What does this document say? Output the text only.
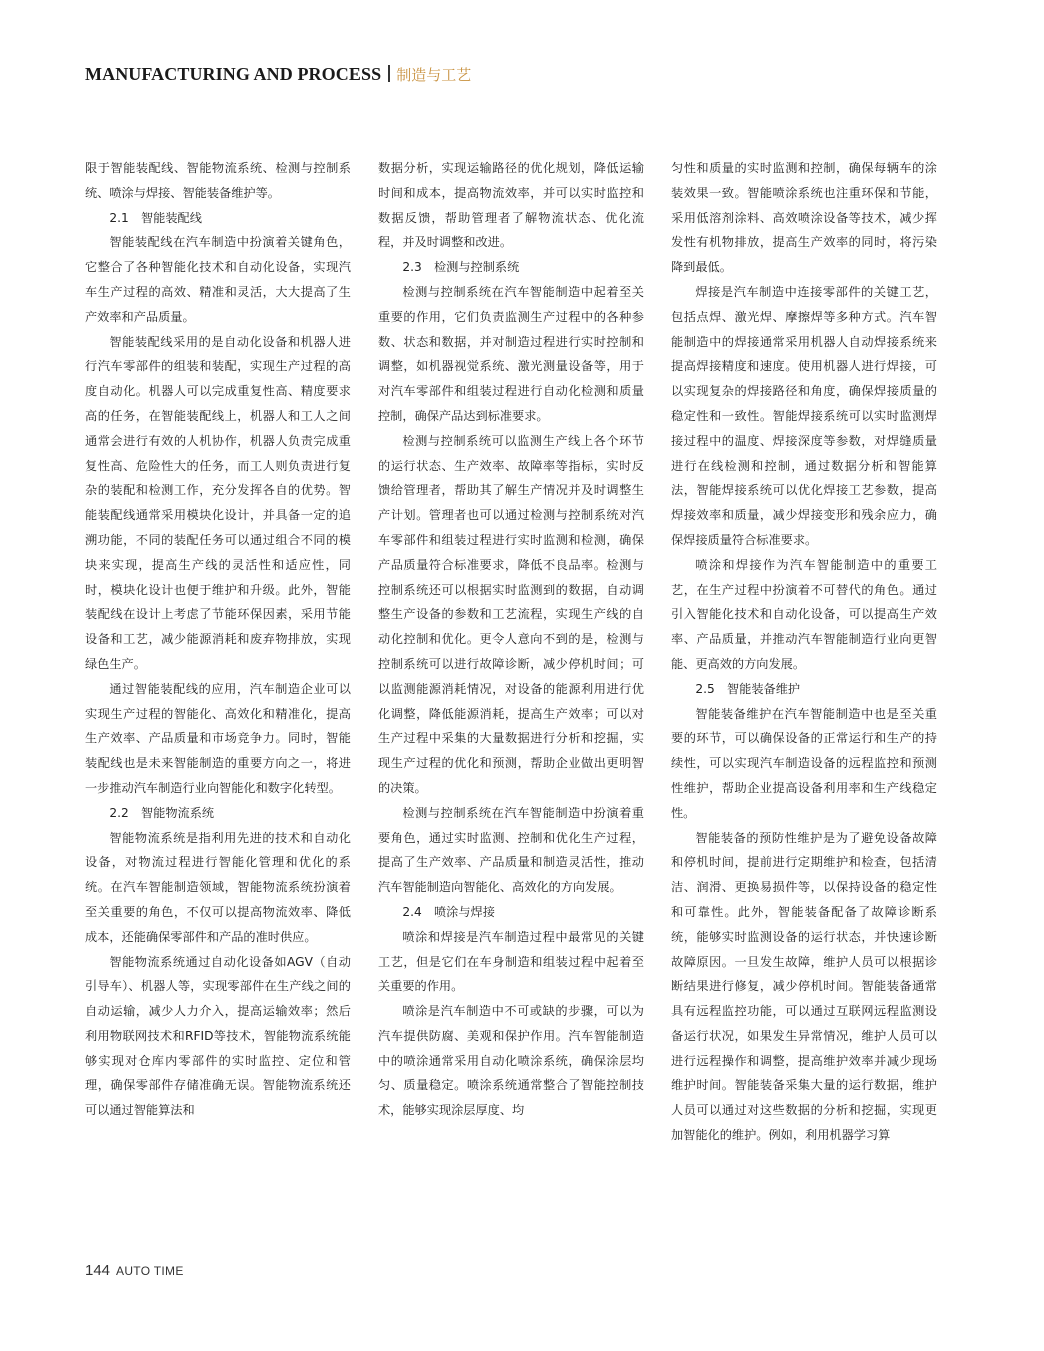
MANUFACTURING AND PROCESS 制造与工艺

限于智能装配线、智能物流系统、检测与控制系统、喷涂与焊接、智能装备维护等。

2.1　智能装配线

智能装配线在汽车制造中扮演着关键角色，它整合了各种智能化技术和自动化设备，实现汽车生产过程的高效、精准和灵活，大大提高了生产效率和产品质量。

智能装配线采用的是自动化设备和机器人进行汽车零部件的组装和装配，实现生产过程的高度自动化。机器人可以完成重复性高、精度要求高的任务，在智能装配线上，机器人和工人之间通常会进行有效的人机协作，机器人负责完成重复性高、危险性大的任务，而工人则负责进行复杂的装配和检测工作，充分发挥各自的优势。智能装配线通常采用模块化设计，并具备一定的追溯功能，不同的装配任务可以通过组合不同的模块来实现，提高生产线的灵活性和适应性，同时，模块化设计也便于维护和升级。此外，智能装配线在设计上考虑了节能环保因素，采用节能设备和工艺，减少能源消耗和废弃物排放，实现绿色生产。

通过智能装配线的应用，汽车制造企业可以实现生产过程的智能化、高效化和精准化，提高生产效率、产品质量和市场竞争力。同时，智能装配线也是未来智能制造的重要方向之一，将进一步推动汽车制造行业向智能化和数字化转型。

2.2　智能物流系统

智能物流系统是指利用先进的技术和自动化设备，对物流过程进行智能化管理和优化的系统。在汽车智能制造领域，智能物流系统扮演着至关重要的角色，不仅可以提高物流效率、降低成本，还能确保零部件和产品的准时供应。

智能物流系统通过自动化设备如AGV（自动引导车）、机器人等，实现零部件在生产线之间的自动运输，减少人力介入，提高运输效率；然后利用物联网技术和RFID等技术，智能物流系统能够实现对仓库内零部件的实时监控、定位和管理，确保零部件存储准确无误。智能物流系统还可以通过智能算法和

数据分析，实现运输路径的优化规划，降低运输时间和成本，提高物流效率，并可以实时监控和数据反馈，帮助管理者了解物流状态、优化流程，并及时调整和改进。

2.3　检测与控制系统

检测与控制系统在汽车智能制造中起着至关重要的作用，它们负责监测生产过程中的各种参数、状态和数据，并对制造过程进行实时控制和调整，如机器视觉系统、激光测量设备等，用于对汽车零部件和组装过程进行自动化检测和质量控制，确保产品达到标准要求。

检测与控制系统可以监测生产线上各个环节的运行状态、生产效率、故障率等指标，实时反馈给管理者，帮助其了解生产情况并及时调整生产计划。管理者也可以通过检测与控制系统对汽车零部件和组装过程进行实时监测和检测，确保产品质量符合标准要求，降低不良品率。检测与控制系统还可以根据实时监测到的数据，自动调整生产设备的参数和工艺流程，实现生产线的自动化控制和优化。更令人意向不到的是，检测与控制系统可以进行故障诊断，减少停机时间；可以监测能源消耗情况，对设备的能源利用进行优化调整，降低能源消耗，提高生产效率；可以对生产过程中采集的大量数据进行分析和挖掘，实现生产过程的优化和预测，帮助企业做出更明智的决策。

检测与控制系统在汽车智能制造中扮演着重要角色，通过实时监测、控制和优化生产过程，提高了生产效率、产品质量和制造灵活性，推动汽车智能制造向智能化、高效化的方向发展。

2.4　喷涂与焊接

喷涂和焊接是汽车制造过程中最常见的关键工艺，但是它们在车身制造和组装过程中起着至关重要的作用。

喷涂是汽车制造中不可或缺的步骤，可以为汽车提供防腐、美观和保护作用。汽车智能制造中的喷涂通常采用自动化喷涂系统，确保涂层均匀、质量稳定。喷涂系统通常整合了智能控制技术，能够实现涂层厚度、均

匀性和质量的实时监测和控制，确保每辆车的涂装效果一致。智能喷涂系统也注重环保和节能，采用低溶剂涂料、高效喷涂设备等技术，减少挥发性有机物排放，提高生产效率的同时，将污染降到最低。

焊接是汽车制造中连接零部件的关键工艺，包括点焊、激光焊、摩擦焊等多种方式。汽车智能制造中的焊接通常采用机器人自动焊接系统来提高焊接精度和速度。使用机器人进行焊接，可以实现复杂的焊接路径和角度，确保焊接质量的稳定性和一致性。智能焊接系统可以实时监测焊接过程中的温度、焊接深度等参数，对焊缝质量进行在线检测和控制，通过数据分析和智能算法，智能焊接系统可以优化焊接工艺参数，提高焊接效率和质量，减少焊接变形和残余应力，确保焊接质量符合标准要求。

喷涂和焊接作为汽车智能制造中的重要工艺，在生产过程中扮演着不可替代的角色。通过引入智能化技术和自动化设备，可以提高生产效率、产品质量，并推动汽车智能制造行业向更智能、更高效的方向发展。

2.5　智能装备维护

智能装备维护在汽车智能制造中也是至关重要的环节，可以确保设备的正常运行和生产的持续性，可以实现汽车制造设备的远程监控和预测性维护，帮助企业提高设备利用率和生产线稳定性。

智能装备的预防性维护是为了避免设备故障和停机时间，提前进行定期维护和检查，包括清洁、润滑、更换易损件等，以保持设备的稳定性和可靠性。此外，智能装备配备了故障诊断系统，能够实时监测设备的运行状态，并快速诊断故障原因。一旦发生故障，维护人员可以根据诊断结果进行修复，减少停机时间。智能装备通常具有远程监控功能，可以通过互联网远程监测设备运行状况，如果发生异常情况，维护人员可以进行远程操作和调整，提高维护效率并减少现场维护时间。智能装备采集大量的运行数据，维护人员可以通过对这些数据的分析和挖掘，实现更加智能化的维护。例如，利用机器学习算

144 AUTO TIME
